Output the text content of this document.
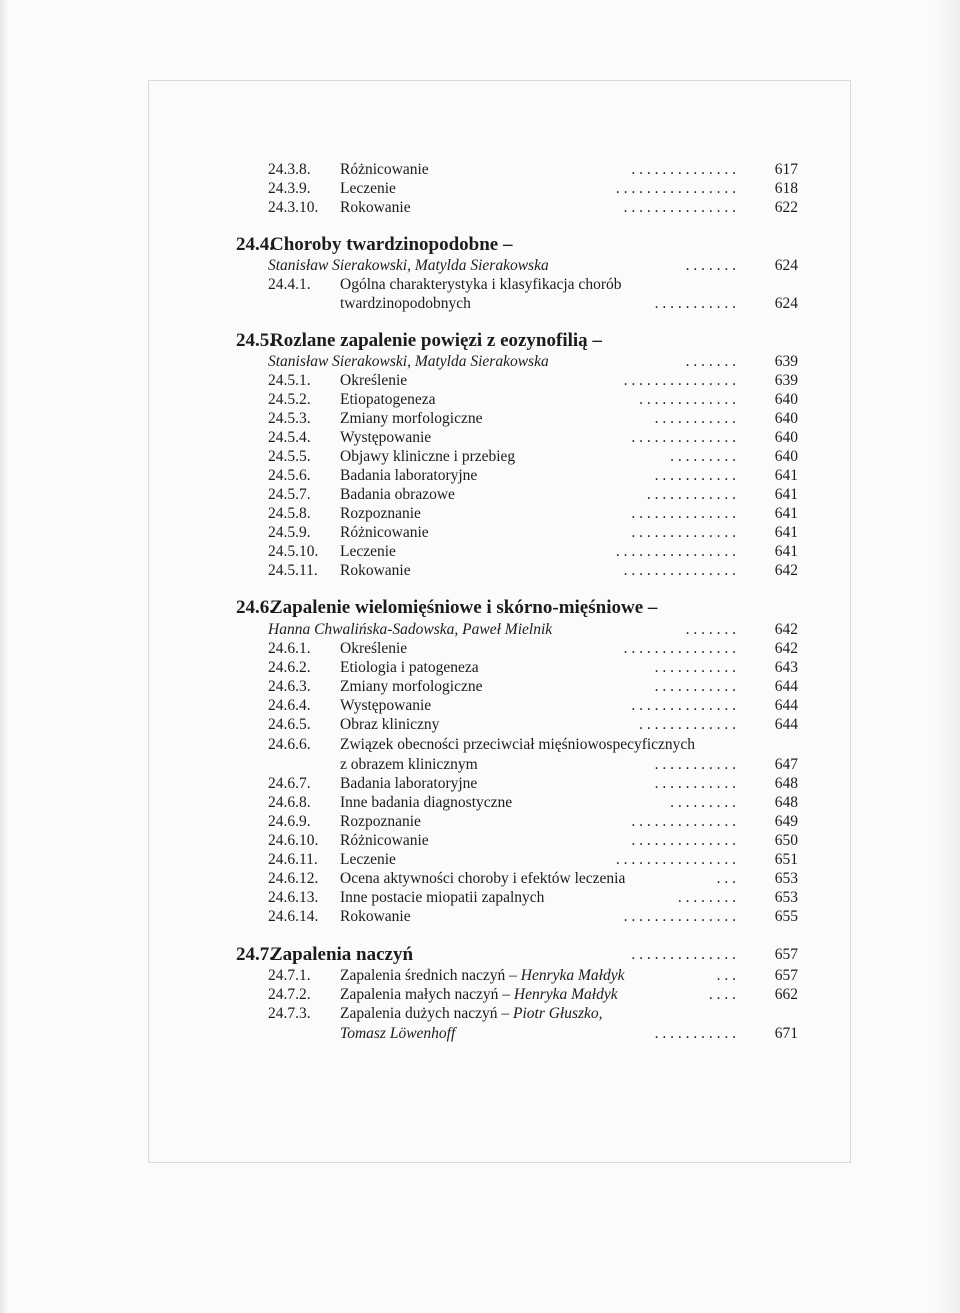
24.3.8. Różnicowanie	. . . . . . . . . . . . . .	617
24.3.9. Leczenie	. . . . . . . . . . . . . . . .	618
24.3.10. Rokowanie	. . . . . . . . . . . . . . .	622
24.4.
Choroby twardzinopodobne –
Stanisław Sierakowski, Matylda Sierakowska	. . . . . . .	624
24.4.1. Ogólna charakterystyka i klasyfikacja chorób
twardzinopodobnych	. . . . . . . . . . .	624
24.5.
Rozlane zapalenie powięzi z eozynofilią –
Stanisław Sierakowski, Matylda Sierakowska	. . . . . . .	639
24.5.1. Określenie	. . . . . . . . . . . . . . .	639
24.5.2. Etiopatogeneza	. . . . . . . . . . . . .	640
24.5.3. Zmiany morfologiczne	. . . . . . . . . . .	640
24.5.4. Występowanie	. . . . . . . . . . . . . .	640
24.5.5. Objawy kliniczne i przebieg	. . . . . . . . .	640
24.5.6. Badania laboratoryjne	. . . . . . . . . . .	641
24.5.7. Badania obrazowe	. . . . . . . . . . . .	641
24.5.8. Rozpoznanie	. . . . . . . . . . . . . .	641
24.5.9. Różnicowanie	. . . . . . . . . . . . . .	641
24.5.10. Leczenie	. . . . . . . . . . . . . . . .	641
24.5.11. Rokowanie	. . . . . . . . . . . . . . .	642
24.6.
Zapalenie wielomięśniowe i skórno-mięśniowe –
Hanna Chwalińska-Sadowska, Paweł Mielnik	. . . . . . .	642
24.6.1. Określenie	. . . . . . . . . . . . . . .	642
24.6.2. Etiologia i patogeneza	. . . . . . . . . . .	643
24.6.3. Zmiany morfologiczne	. . . . . . . . . . .	644
24.6.4. Występowanie	. . . . . . . . . . . . . .	644
24.6.5. Obraz kliniczny	. . . . . . . . . . . . .	644
24.6.6. Związek obecności przeciwciał mięśniowospecyficznych
z obrazem klinicznym	. . . . . . . . . . .	647
24.6.7. Badania laboratoryjne	. . . . . . . . . . .	648
24.6.8. Inne badania diagnostyczne	. . . . . . . . .	648
24.6.9. Rozpoznanie	. . . . . . . . . . . . . .	649
24.6.10. Różnicowanie	. . . . . . . . . . . . . .	650
24.6.11. Leczenie	. . . . . . . . . . . . . . . .	651
24.6.12. Ocena aktywności choroby i efektów leczenia	. . .	653
24.6.13. Inne postacie miopatii zapalnych	. . . . . . . .	653
24.6.14. Rokowanie	. . . . . . . . . . . . . . .	655
24.7.
Zapalenia naczyń	. . . . . . . . . . . . . .	657
24.7.1. Zapalenia średnich naczyń – Henryka Małdyk	. . .	657
24.7.2. Zapalenia małych naczyń – Henryka Małdyk	. . . .	662
24.7.3. Zapalenia dużych naczyń – Piotr Głuszko,
Tomasz Löwenhoff	. . . . . . . . . . .	671
